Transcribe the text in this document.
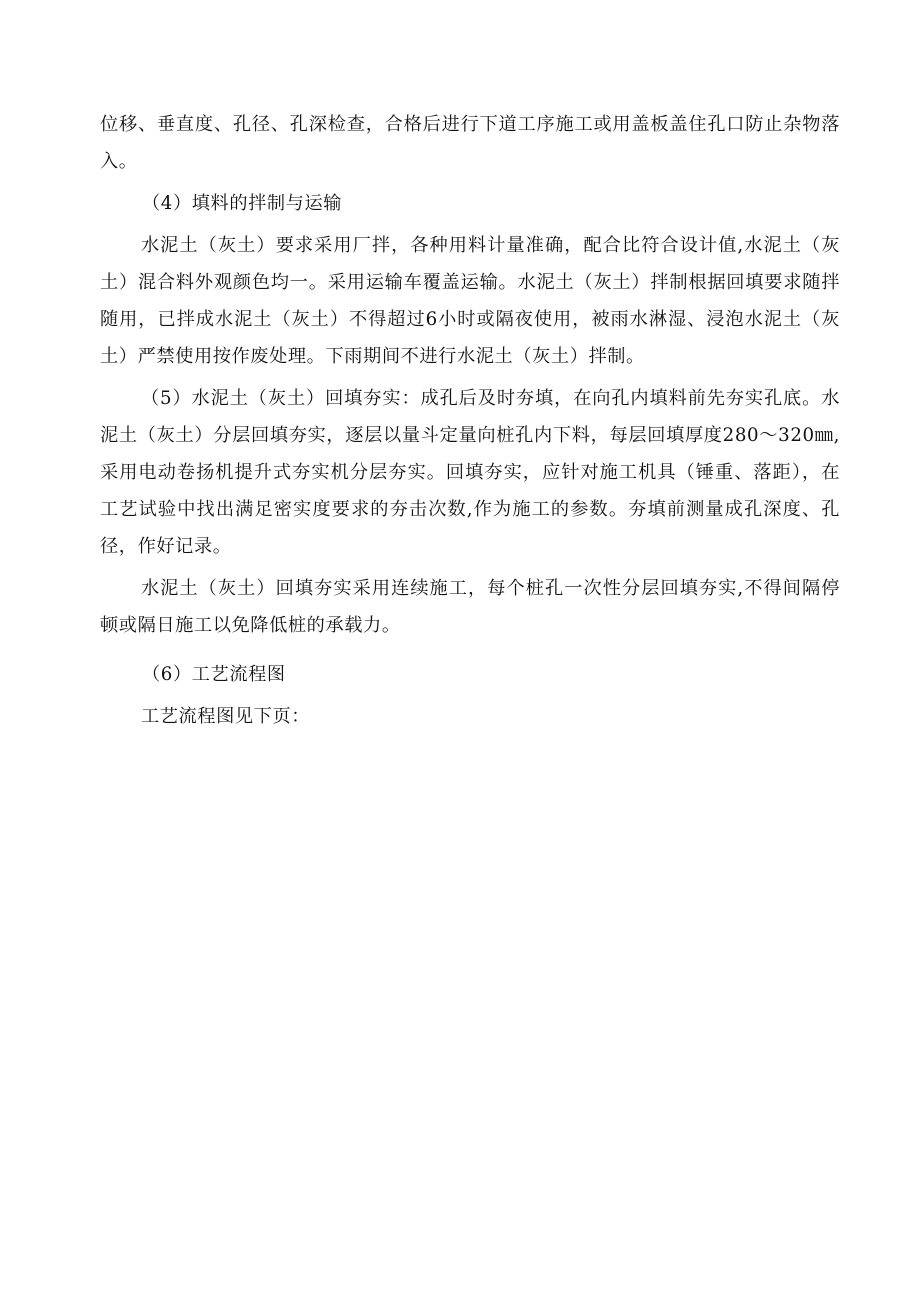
位移、垂直度、孔径、孔深检查，合格后进行下道工序施工或用盖板盖住孔口防止杂物落入。

（4）填料的拌制与运输

水泥土（灰土）要求采用厂拌，各种用料计量准确，配合比符合设计值,水泥土（灰土）混合料外观颜色均一。采用运输车覆盖运输。水泥土（灰土）拌制根据回填要求随拌随用，已拌成水泥土（灰土）不得超过6小时或隔夜使用，被雨水淋湿、浸泡水泥土（灰土）严禁使用按作废处理。下雨期间不进行水泥土（灰土）拌制。

（5）水泥土（灰土）回填夯实：成孔后及时夯填，在向孔内填料前先夯实孔底。水泥土（灰土）分层回填夯实，逐层以量斗定量向桩孔内下料，每层回填厚度280～320㎜,采用电动卷扬机提升式夯实机分层夯实。回填夯实，应针对施工机具（锤重、落距），在工艺试验中找出满足密实度要求的夯击次数,作为施工的参数。夯填前测量成孔深度、孔径，作好记录。

水泥土（灰土）回填夯实采用连续施工，每个桩孔一次性分层回填夯实,不得间隔停顿或隔日施工以免降低桩的承载力。

（6）工艺流程图

工艺流程图见下页：
